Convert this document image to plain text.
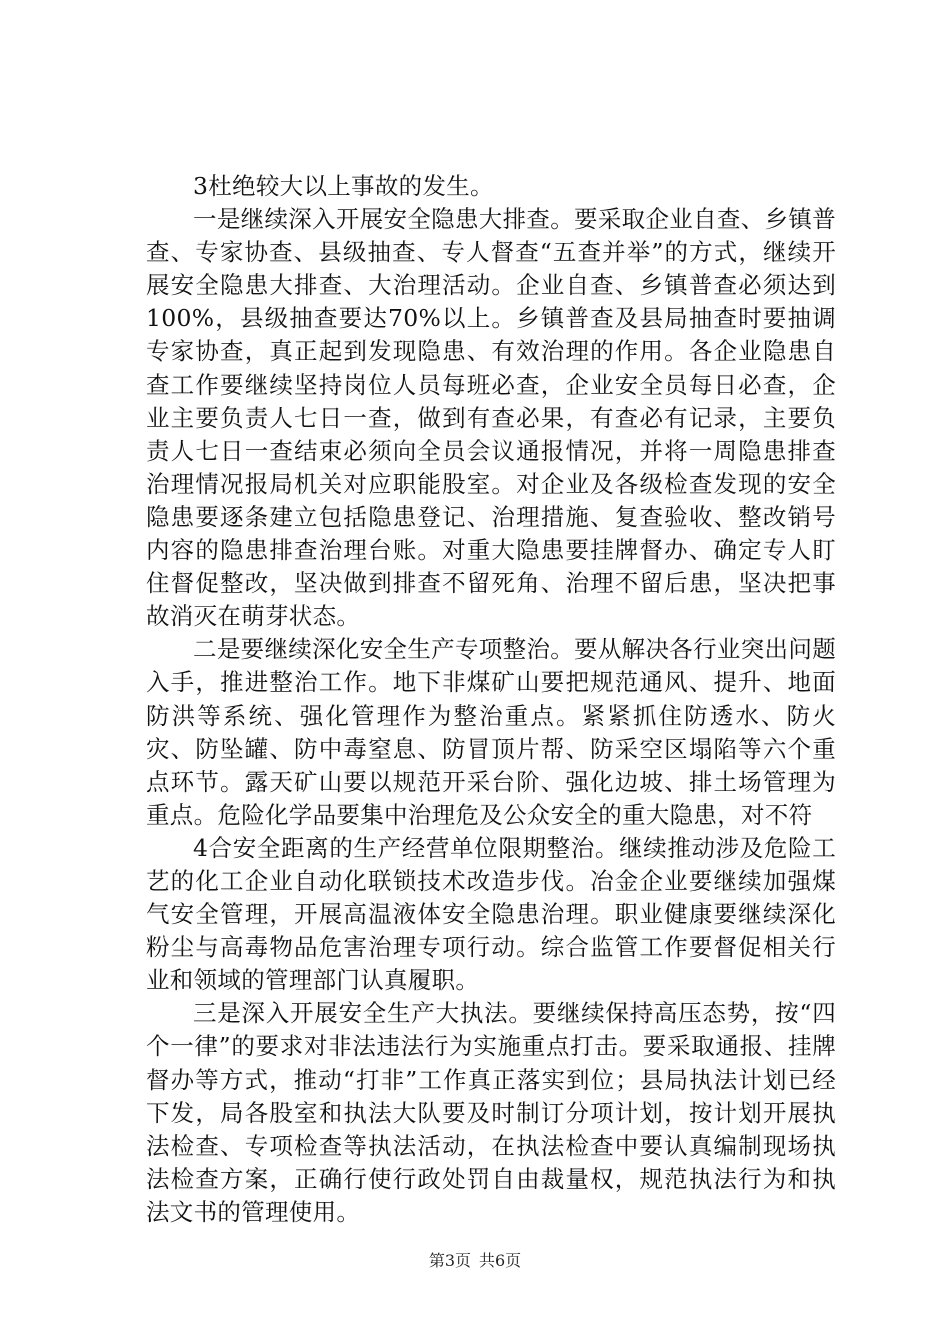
3杜绝较大以上事故的发生。

一是继续深入开展安全隐患大排查。要采取企业自查、乡镇普查、专家协查、县级抽查、专人督查“五查并举”的方式，继续开展安全隐患大排查、大治理活动。企业自查、乡镇普查必须达到100%，县级抽查要达70%以上。乡镇普查及县局抽查时要抽调专家协查，真正起到发现隐患、有效治理的作用。各企业隐患自查工作要继续坚持岗位人员每班必查，企业安全员每日必查，企业主要负责人七日一查，做到有查必果，有查必有记录，主要负责人七日一查结束必须向全员会议通报情况，并将一周隐患排查治理情况报局机关对应职能股室。对企业及各级检查发现的安全隐患要逐条建立包括隐患登记、治理措施、复查验收、整改销号内容的隐患排查治理台账。对重大隐患要挂牌督办、确定专人盯住督促整改，坚决做到排查不留死角、治理不留后患，坚决把事故消灭在萌芽状态。

二是要继续深化安全生产专项整治。要从解决各行业突出问题入手，推进整治工作。地下非煤矿山要把规范通风、提升、地面防洪等系统、强化管理作为整治重点。紧紧抓住防透水、防火灾、防坠罐、防中毒窒息、防冒顶片帮、防采空区塌陷等六个重点环节。露天矿山要以规范开采台阶、强化边坡、排土场管理为重点。危险化学品要集中治理危及公众安全的重大隐患，对不符

4合安全距离的生产经营单位限期整治。继续推动涉及危险工艺的化工企业自动化联锁技术改造步伐。冶金企业要继续加强煤气安全管理，开展高温液体安全隐患治理。职业健康要继续深化粉尘与高毒物品危害治理专项行动。综合监管工作要督促相关行业和领域的管理部门认真履职。

三是深入开展安全生产大执法。要继续保持高压态势，按“四个一律”的要求对非法违法行为实施重点打击。要采取通报、挂牌督办等方式，推动“打非”工作真正落实到位；县局执法计划已经下发，局各股室和执法大队要及时制订分项计划，按计划开展执法检查、专项检查等执法活动，在执法检查中要认真编制现场执法检查方案，正确行使行政处罚自由裁量权，规范执法行为和执法文书的管理使用。

第3页 共6页
